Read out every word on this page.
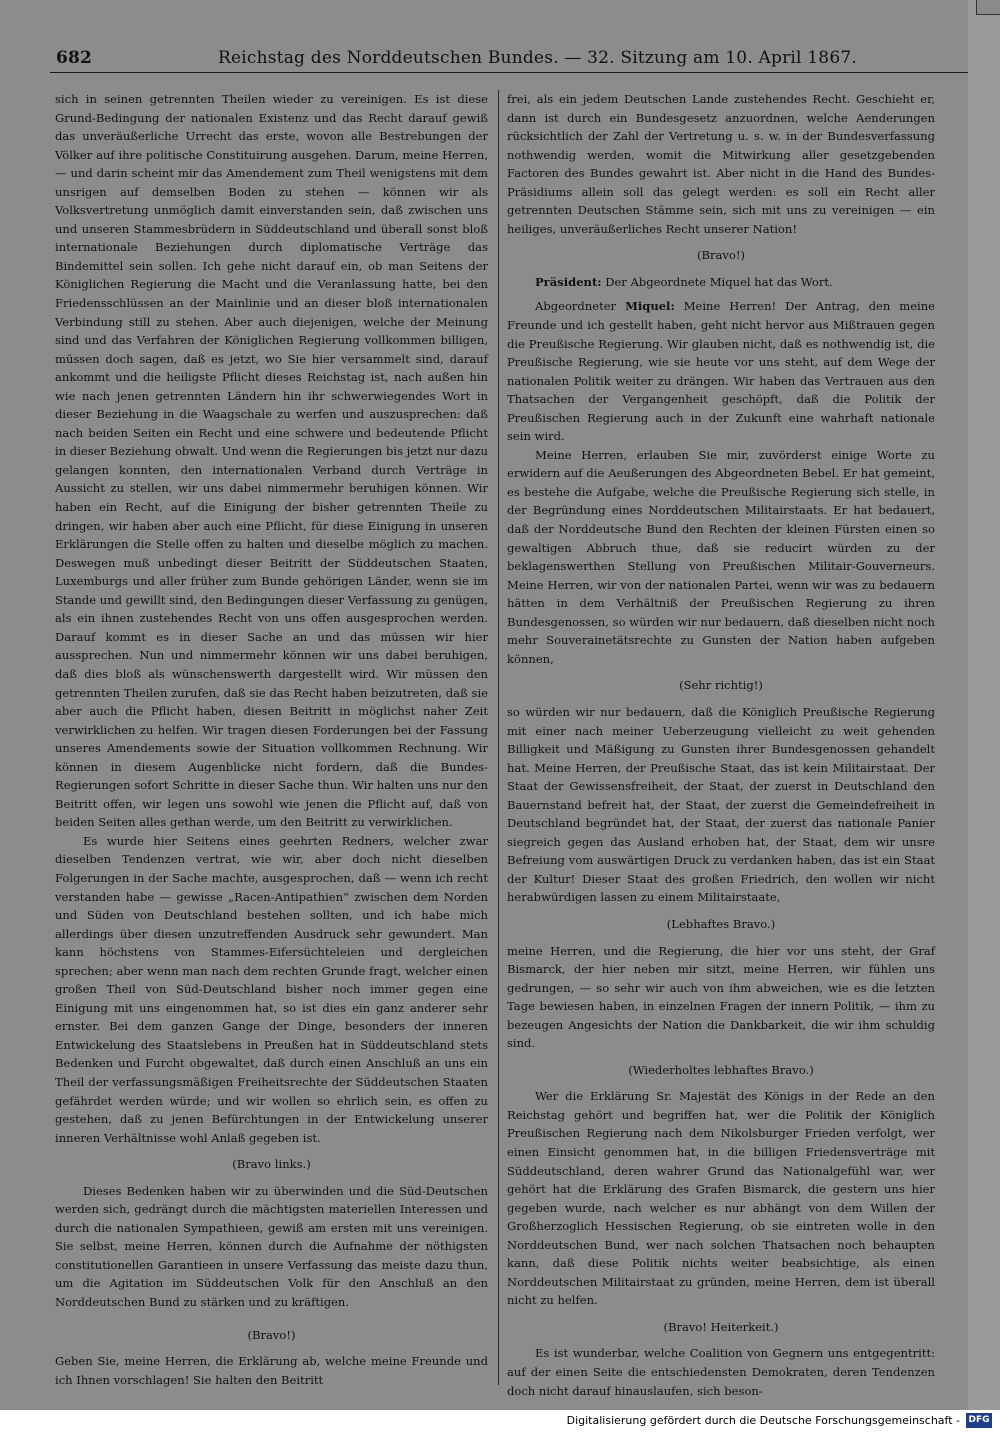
682	Reichstag des Norddeutschen Bundes. — 32. Sitzung am 10. April 1867.

sich in seinen getrennten Theilen wieder zu vereinigen. Es ist diese Grund-Bedingung der nationalen Existenz und das Recht darauf gewiß das unveräußerliche Urrecht das erste, wovon alle Bestrebungen der Völker auf ihre politische Constituirung ausgehen. Darum, meine Herren, — und darin scheint mir das Amendement zum Theil wenigstens mit dem unsrigen auf demselben Boden zu stehen — können wir als Volksvertretung unmöglich damit einverstanden sein, daß zwischen uns und unseren Stammesbrüdern in Süddeutschland und überall sonst bloß internationale Beziehungen durch diplomatische Verträge das Bindemittel sein sollen. Ich gehe nicht darauf ein, ob man Seitens der Königlichen Regierung die Macht und die Veranlassung hatte, bei den Friedensschlüssen an der Mainlinie und an dieser bloß internationalen Verbindung still zu stehen. Aber auch diejenigen, welche der Meinung sind und das Verfahren der Königlichen Regierung vollkommen billigen, müssen doch sagen, daß es jetzt, wo Sie hier versammelt sind, darauf ankommt und die heiligste Pflicht dieses Reichstag ist, nach außen hin wie nach jenen getrennten Ländern hin ihr schwerwiegendes Wort in dieser Beziehung in die Waagschale zu werfen und auszusprechen: daß nach beiden Seiten ein Recht und eine schwere und bedeutende Pflicht in dieser Beziehung obwalt. Und wenn die Regierungen bis jetzt nur dazu gelangen konnten, den internationalen Verband durch Verträge in Aussicht zu stellen, wir uns dabei nimmermehr beruhigen können. Wir haben ein Recht, auf die Einigung der bisher getrennten Theile zu dringen, wir haben aber auch eine Pflicht, für diese Einigung in unseren Erklärungen die Stelle offen zu halten und dieselbe möglich zu machen. Deswegen muß unbedingt dieser Beitritt der Süddeutschen Staaten, Luxemburgs und aller früher zum Bunde gehörigen Länder, wenn sie im Stande und gewillt sind, den Bedingungen dieser Verfassung zu genügen, als ein ihnen zustehendes Recht von uns offen ausgesprochen werden. Darauf kommt es in dieser Sache an und das müssen wir hier aussprechen. Nun und nimmermehr können wir uns dabei beruhigen, daß dies bloß als wünschenswerth dargestellt wird. Wir müssen den getrennten Theilen zurufen, daß sie das Recht haben beizutreten, daß sie aber auch die Pflicht haben, diesen Beitritt in möglichst naher Zeit verwirklichen zu helfen. Wir tragen diesen Forderungen bei der Fassung unseres Amendements sowie der Situation vollkommen Rechnung. Wir können in diesem Augenblicke nicht fordern, daß die Bundes-Regierungen sofort Schritte in dieser Sache thun. Wir halten uns nur den Beitritt offen, wir legen uns sowohl wie jenen die Pflicht auf, daß von beiden Seiten alles gethan werde, um den Beitritt zu verwirklichen.

Es wurde hier Seitens eines geehrten Redners, welcher zwar dieselben Tendenzen vertrat, wie wir, aber doch nicht dieselben Folgerungen in der Sache machte, ausgesprochen, daß — wenn ich recht verstanden habe — gewisse „Racen-Antipathien“ zwischen dem Norden und Süden von Deutschland bestehen sollten, und ich habe mich allerdings über diesen unzutreffenden Ausdruck sehr gewundert. Man kann höchstens von Stammes-Eifersüchteleien und dergleichen sprechen; aber wenn man nach dem rechten Grunde fragt, welcher einen großen Theil von Süd-Deutschland bisher noch immer gegen eine Einigung mit uns eingenommen hat, so ist dies ein ganz anderer sehr ernster. Bei dem ganzen Gange der Dinge, besonders der inneren Entwickelung des Staatslebens in Preußen hat in Süddeutschland stets Bedenken und Furcht obgewaltet, daß durch einen Anschluß an uns ein Theil der verfassungsmäßigen Freiheitsrechte der Süddeutschen Staaten gefährdet werden würde; und wir wollen so ehrlich sein, es offen zu gestehen, daß zu jenen Befürchtungen in der Entwickelung unserer inneren Verhältnisse wohl Anlaß gegeben ist.

(Bravo links.)

Dieses Bedenken haben wir zu überwinden und die Süd-Deutschen werden sich, gedrängt durch die mächtigsten materiellen Interessen und durch die nationalen Sympathieen, gewiß am ersten mit uns vereinigen. Sie selbst, meine Herren, können durch die Aufnahme der nöthigsten constitutionellen Garantieen in unsere Verfassung das meiste dazu thun, um die Agitation im Süddeutschen Volk für den Anschluß an den Norddeutschen Bund zu stärken und zu kräftigen.

(Bravo!)

Geben Sie, meine Herren, die Erklärung ab, welche meine Freunde und ich Ihnen vorschlagen! Sie halten den Beitritt

frei, als ein jedem Deutschen Lande zustehendes Recht. Geschieht er, dann ist durch ein Bundesgesetz anzuordnen, welche Aenderungen rücksichtlich der Zahl der Vertretung u. s. w. in der Bundesverfassung nothwendig werden, womit die Mitwirkung aller gesetzgebenden Factoren des Bundes gewahrt ist. Aber nicht in die Hand des Bundes-Präsidiums allein soll das gelegt werden: es soll ein Recht aller getrennten Deutschen Stämme sein, sich mit uns zu vereinigen — ein heiliges, unveräußerliches Recht unserer Nation!

(Bravo!)

Präsident: Der Abgeordnete Miquel hat das Wort.

Abgeordneter Miquel: Meine Herren! Der Antrag, den meine Freunde und ich gestellt haben, geht nicht hervor aus Mißtrauen gegen die Preußische Regierung. Wir glauben nicht, daß es nothwendig ist, die Preußische Regierung, wie sie heute vor uns steht, auf dem Wege der nationalen Politik weiter zu drängen. Wir haben das Vertrauen aus den Thatsachen der Vergangenheit geschöpft, daß die Politik der Preußischen Regierung auch in der Zukunft eine wahrhaft nationale sein wird.

Meine Herren, erlauben Sie mir, zuvörderst einige Worte zu erwidern auf die Aeußerungen des Abgeordneten Bebel. Er hat gemeint, es bestehe die Aufgabe, welche die Preußische Regierung sich stelle, in der Begründung eines Norddeutschen Militairstaats. Er hat bedauert, daß der Norddeutsche Bund den Rechten der kleinen Fürsten einen so gewaltigen Abbruch thue, daß sie reducirt würden zu der beklagenswerthen Stellung von Preußischen Militair-Gouverneurs. Meine Herren, wir von der nationalen Partei, wenn wir was zu bedauern hätten in dem Verhältniß der Preußischen Regierung zu ihren Bundesgenossen, so würden wir nur bedauern, daß dieselben nicht noch mehr Souverainetätsrechte zu Gunsten der Nation haben aufgeben können,

(Sehr richtig!)

so würden wir nur bedauern, daß die Königlich Preußische Regierung mit einer nach meiner Ueberzeugung vielleicht zu weit gehenden Billigkeit und Mäßigung zu Gunsten ihrer Bundesgenossen gehandelt hat. Meine Herren, der Preußische Staat, das ist kein Militairstaat. Der Staat der Gewissensfreiheit, der Staat, der zuerst in Deutschland den Bauernstand befreit hat, der Staat, der zuerst die Gemeindefreiheit in Deutschland begründet hat, der Staat, der zuerst das nationale Panier siegreich gegen das Ausland erhoben hat, der Staat, dem wir unsre Befreiung vom auswärtigen Druck zu verdanken haben, das ist ein Staat der Kultur! Dieser Staat des großen Friedrich, den wollen wir nicht herabwürdigen lassen zu einem Militairstaate,

(Lebhaftes Bravo.)

meine Herren, und die Regierung, die hier vor uns steht, der Graf Bismarck, der hier neben mir sitzt, meine Herren, wir fühlen uns gedrungen, — so sehr wir auch von ihm abweichen, wie es die letzten Tage bewiesen haben, in einzelnen Fragen der innern Politik, — ihm zu bezeugen Angesichts der Nation die Dankbarkeit, die wir ihm schuldig sind.

(Wiederholtes lebhaftes Bravo.)

Wer die Erklärung Sr. Majestät des Königs in der Rede an den Reichstag gehört und begriffen hat, wer die Politik der Königlich Preußischen Regierung nach dem Nikolsburger Frieden verfolgt, wer einen Einsicht genommen hat, in die billigen Friedensverträge mit Süddeutschland, deren wahrer Grund das Nationalgefühl war, wer gehört hat die Erklärung des Grafen Bismarck, die gestern uns hier gegeben wurde, nach welcher es nur abhängt von dem Willen der Großherzoglich Hessischen Regierung, ob sie eintreten wolle in den Norddeutschen Bund, wer nach solchen Thatsachen noch behaupten kann, daß diese Politik nichts weiter beabsichtige, als einen Norddeutschen Militairstaat zu gründen, meine Herren, dem ist überall nicht zu helfen.

(Bravo! Heiterkeit.)

Es ist wunderbar, welche Coalition von Gegnern uns entgegentritt: auf der einen Seite die entschiedensten Demokraten, deren Tendenzen doch nicht darauf hinauslaufen, sich beson-

Digitalisierung gefördert durch die Deutsche Forschungsgemeinschaft - DFG
